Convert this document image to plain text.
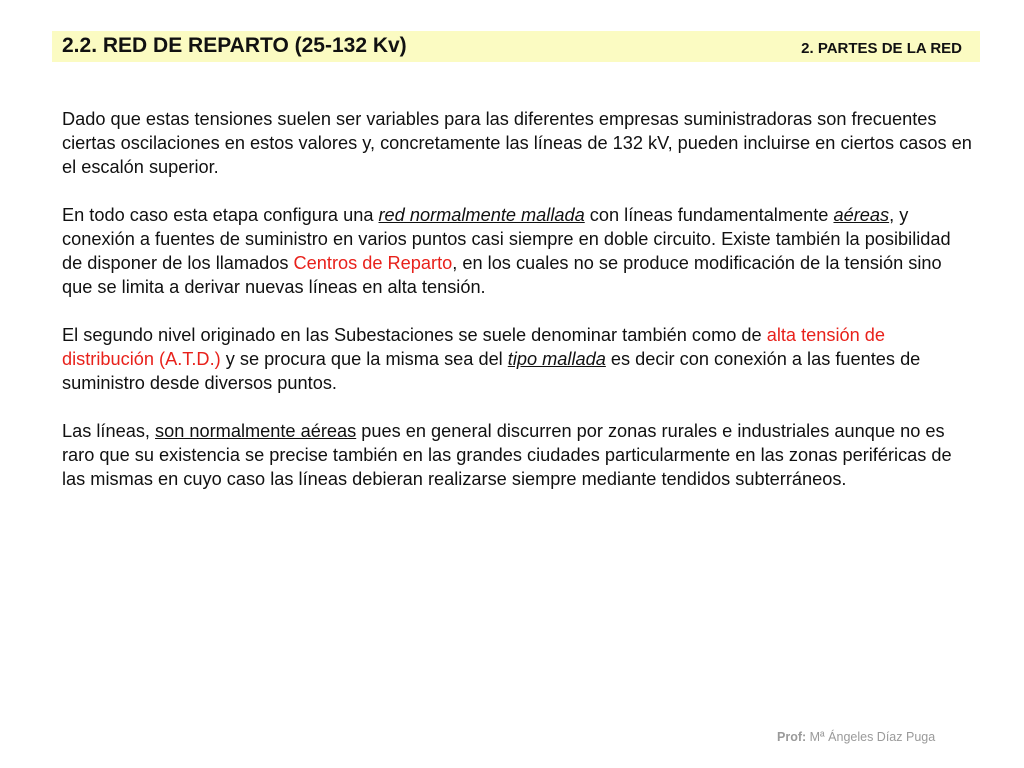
2.2. RED DE REPARTO (25-132 Kv)	2. PARTES DE LA RED

Dado que estas tensiones suelen ser variables para las diferentes empresas suministradoras son frecuentes ciertas oscilaciones en estos valores y, concretamente las líneas de 132 kV, pueden incluirse en ciertos casos en el escalón superior.

En todo caso esta etapa configura una red normalmente mallada con líneas fundamentalmente aéreas, y conexión a fuentes de suministro en varios puntos casi siempre en doble circuito. Existe también la posibilidad de disponer de los llamados Centros de Reparto, en los cuales no se produce modificación de la tensión sino que se limita a derivar nuevas líneas en alta tensión.

El segundo nivel originado en las Subestaciones se suele denominar también como de alta tensión de distribución (A.T.D.) y se procura que la misma sea del tipo mallada es decir con conexión a las fuentes de suministro desde diversos puntos.

Las líneas, son normalmente aéreas pues en general discurren por zonas rurales e industriales aunque no es raro que su existencia se precise también en las grandes ciudades particularmente en las zonas periféricas de las mismas en cuyo caso las líneas debieran realizarse siempre mediante tendidos subterráneos.

Prof: Mª Ángeles Díaz Puga
